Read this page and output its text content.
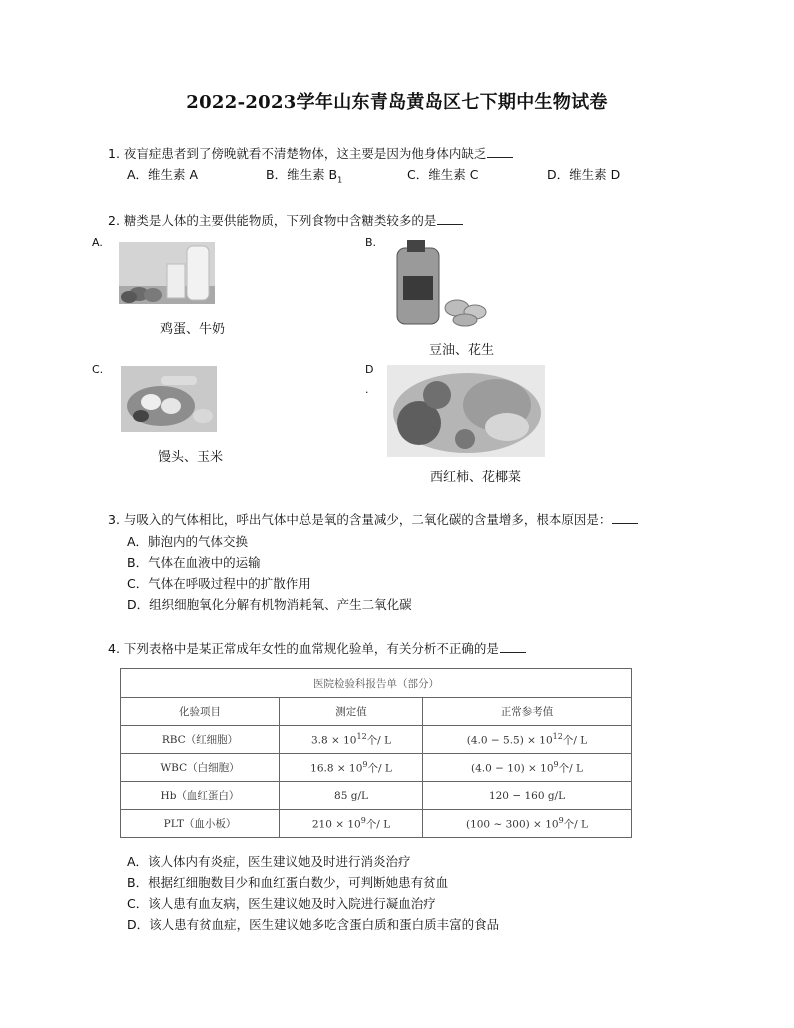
2022-2023学年山东青岛黄岛区七下期中生物试卷
1. 夜盲症患者到了傍晚就看不清楚物体，这主要是因为他身体内缺乏
A．维生素 A	B．维生素 $B_1$	C．维生素 C	D．维生素 D
2. 糖类是人体的主要供能物质，下列食物中含糖类较多的是
A.
鸡蛋、牛奶
B.
豆油、花生
C.
馒头、玉米
D
.
西红柿、花椰菜
3. 与吸入的气体相比，呼出气体中总是氧的含量减少，二氧化碳的含量增多，根本原因是：
A．肺泡内的气体交换
B．气体在血液中的运输
C．气体在呼吸过程中的扩散作用
D．组织细胞氧化分解有机物消耗氧、产生二氧化碳
4. 下列表格中是某正常成年女性的血常规化验单，有关分析不正确的是
医院检验科报告单（部分）		
化验项目	测定值	正常参考值
RBC（红细胞）	$3.8 \times 10^{12}$个/ L	$(4.0 - 5.5) \times 10^{12}$个/ L
WBC（白细胞）	$16.8 \times 10^9$个/ L	$(4.0 - 10) \times 10^9$个/ L
Hb（血红蛋白）	85 g/L	120 − 160 g/L
PLT（血小板）	$210 \times 10^9$个/ L	(100 ∼ $300) \times 10^9$个/ L
A．该人体内有炎症，医生建议她及时进行消炎治疗
B．根据红细胞数目少和血红蛋白数少，可判断她患有贫血
C．该人患有血友病，医生建议她及时入院进行凝血治疗
D．该人患有贫血症，医生建议她多吃含蛋白质和蛋白质丰富的食品
